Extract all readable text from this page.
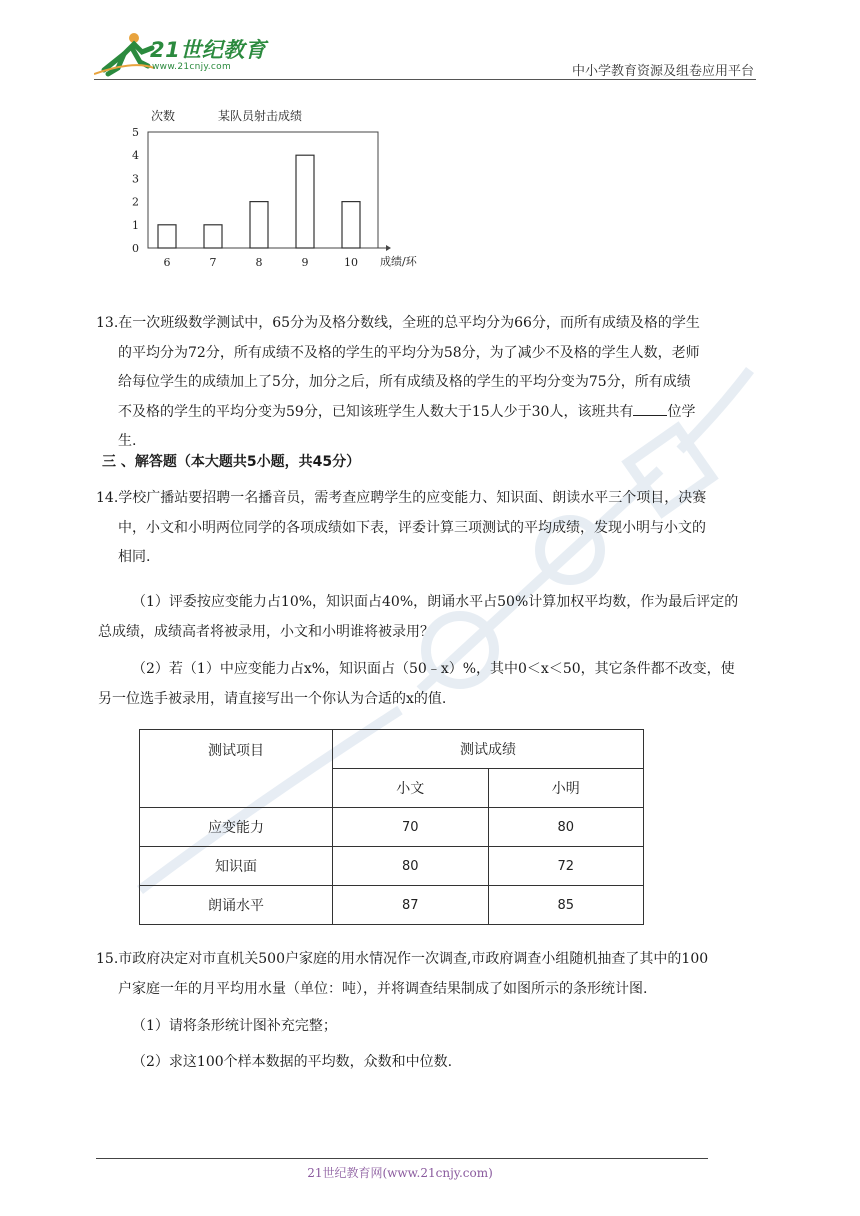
21世纪教育
www.21cnjy.com	中小学教育资源及组卷应用平台
次数	某队员射击成绩
成绩/环
0
1
2
3
4
5
6	7	8	9	10
13.在一次班级数学测试中，65分为及格分数线，全班的总平均分为66分，而所有成绩及格的学生
的平均分为72分，所有成绩不及格的学生的平均分为58分，为了减少不及格的学生人数，老师
给每位学生的成绩加上了5分，加分之后，所有成绩及格的学生的平均分变为75分，所有成绩
不及格的学生的平均分变为59分，已知该班学生人数大于15人少于30人，该班共有 位学
生.
三 、解答题（本大题共5小题，共45分）
14.学校广播站要招聘一名播音员，需考查应聘学生的应变能力、知识面、朗读水平三个项目，决赛
中，小文和小明两位同学的各项成绩如下表，评委计算三项测试的平均成绩，发现小明与小文的
相同.
（1）评委按应变能力占10%，知识面占40%，朗诵水平占50%计算加权平均数，作为最后评定的
总成绩，成绩高者将被录用，小文和小明谁将被录用？
（2）若（1）中应变能力占x%，知识面占（50﹣x）%，其中0＜x＜50，其它条件都不改变，使
另一位选手被录用，请直接写出一个你认为合适的x的值.
测试项目	测试成绩	
	小文	小明
应变能力	70	80
知识面	80	72
朗诵水平	87	85
15.市政府决定对市直机关500户家庭的用水情况作一次调查,市政府调查小组随机抽查了其中的100
户家庭一年的月平均用水量（单位：吨），并将调查结果制成了如图所示的条形统计图.
（1）请将条形统计图补充完整；
（2）求这100个样本数据的平均数，众数和中位数.
21世纪教育网(www.21cnjy.com)
